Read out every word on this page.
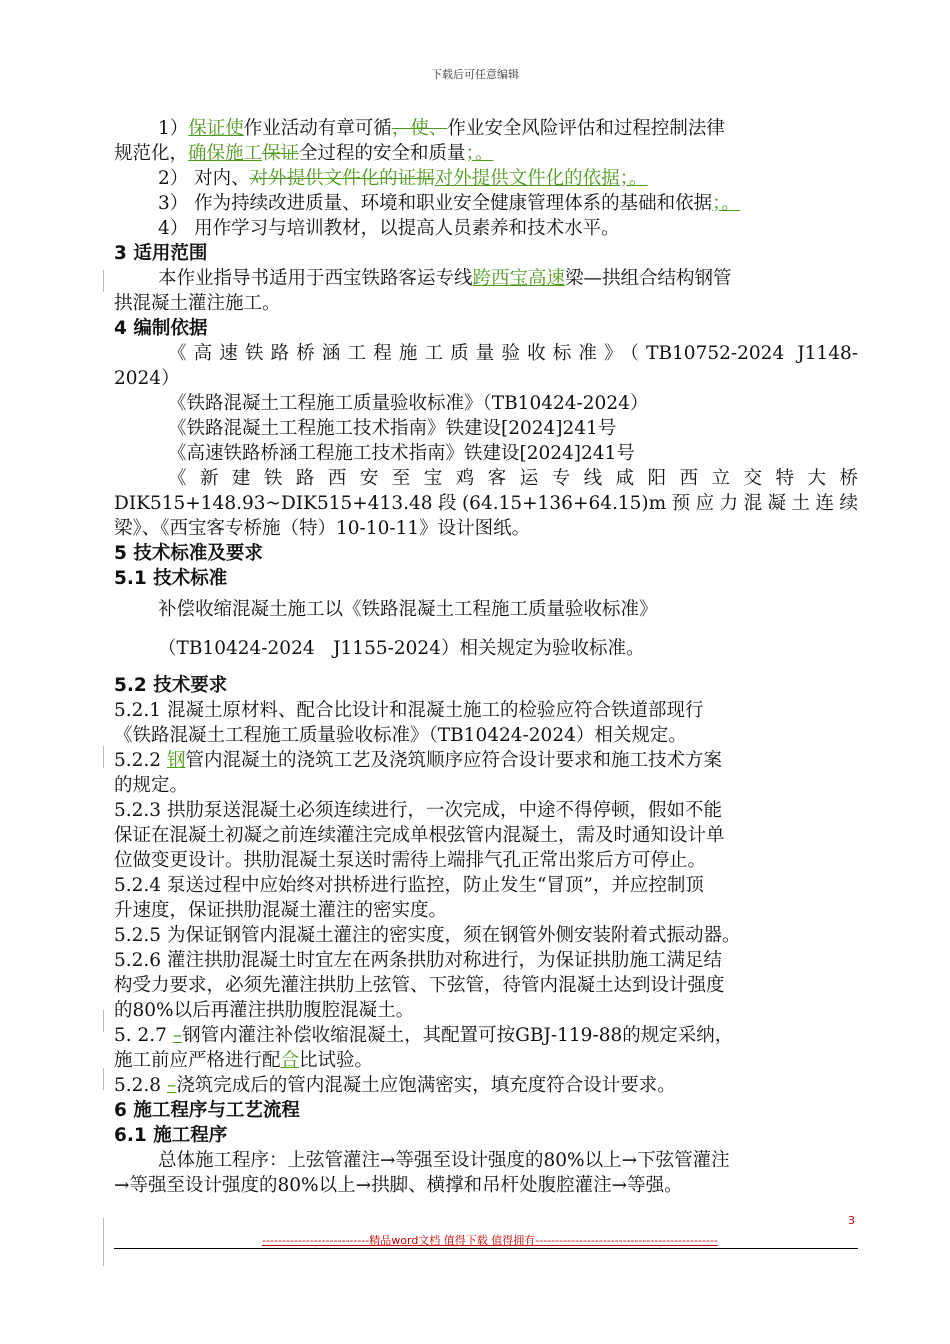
下载后可任意编辑

1）保证使作业活动有章可循，使、作业安全风险评估和过程控制法律

规范化，确保施工保证全过程的安全和质量；。

2） 对内、对外提供文件化的证据对外提供文件化的依据；。

3） 作为持续改进质量、环境和职业安全健康管理体系的基础和依据；。

4） 用作学习与培训教材，以提高人员素养和技术水平。

3 适用范围

本作业指导书适用于西宝铁路客运专线跨西宝高速梁—拱组合结构钢管

拱混凝土灌注施工。

4 编制依据

《高速铁路桥涵工程施工质量验收标准》（TB10752-2024 J1148-

2024）

《铁路混凝土工程施工质量验收标准》（TB10424-2024）

《铁路混凝土工程施工技术指南》铁建设[2024]241号

《高速铁路桥涵工程施工技术指南》铁建设[2024]241号

《新建铁路西安至宝鸡客运专线咸阳西立交特大桥

DIK515+148.93~DIK515+413.48段(64.15+136+64.15)m预应力混凝土连续

梁》、《西宝客专桥施（特）10-10-11》设计图纸。

5 技术标准及要求

5.1 技术标准

补偿收缩混凝土施工以《铁路混凝土工程施工质量验收标准》

（TB10424-2024　J1155-2024）相关规定为验收标准。

5.2 技术要求

5.2.1 混凝土原材料、配合比设计和混凝土施工的检验应符合铁道部现行

《铁路混凝土工程施工质量验收标准》（TB10424-2024）相关规定。

5.2.2 钢管内混凝土的浇筑工艺及浇筑顺序应符合设计要求和施工技术方案

的规定。

5.2.3 拱肋泵送混凝土必须连续进行，一次完成，中途不得停顿，假如不能

保证在混凝土初凝之前连续灌注完成单根弦管内混凝土，需及时通知设计单

位做变更设计。拱肋混凝土泵送时需待上端排气孔正常出浆后方可停止。

5.2.4 泵送过程中应始终对拱桥进行监控，防止发生“冒顶”，并应控制顶

升速度，保证拱肋混凝土灌注的密实度。

5.2.5 为保证钢管内混凝土灌注的密实度，须在钢管外侧安装附着式振动器。

5.2.6 灌注拱肋混凝土时宜左在两条拱肋对称进行，为保证拱肋施工满足结

构受力要求，必须先灌注拱肋上弦管、下弦管，待管内混凝土达到设计强度

的80%以后再灌注拱肋腹腔混凝土。

5. 2.7 –钢管内灌注补偿收缩混凝土，其配置可按GBJ-119-88的规定采纳，

施工前应严格进行配合比试验。

5.2.8 –浇筑完成后的管内混凝土应饱满密实，填充度符合设计要求。

6 施工程序与工艺流程

6.1 施工程序

总体施工程序：上弦管灌注→等强至设计强度的80%以上→下弦管灌注

→等强至设计强度的80%以上→拱脚、横撑和吊杆处腹腔灌注→等强。

3
---------------------------精品word文档 值得下载 值得拥有----------------------------------------------
